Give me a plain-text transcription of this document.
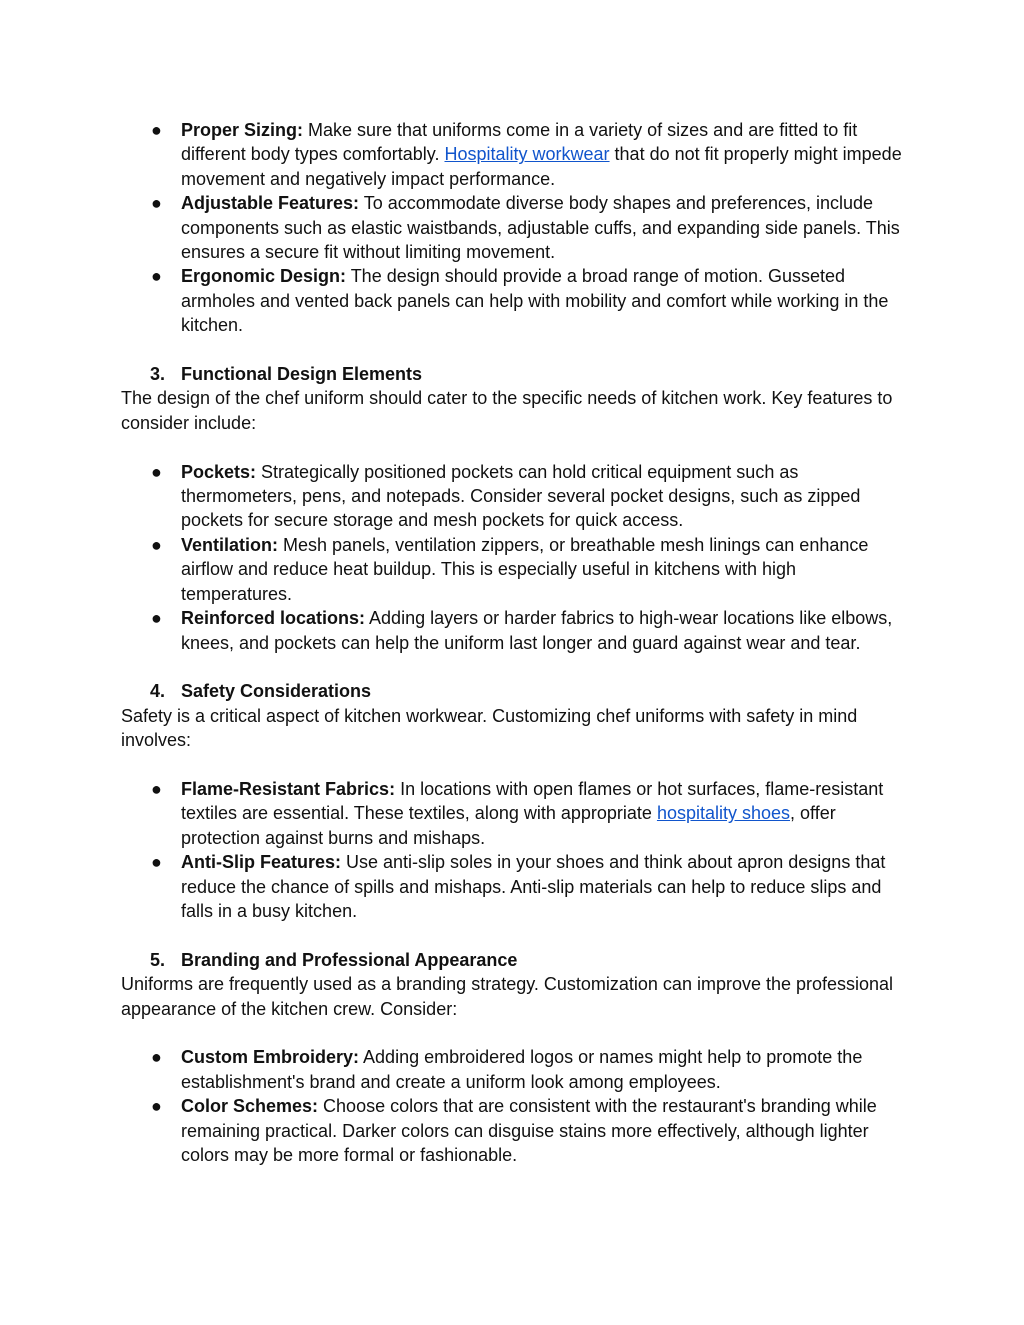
●	Proper Sizing: Make sure that uniforms come in a variety of sizes and are fitted to fit different body types comfortably. Hospitality workwear that do not fit properly might impede movement and negatively impact performance.
●	Adjustable Features: To accommodate diverse body shapes and preferences, include components such as elastic waistbands, adjustable cuffs, and expanding side panels. This ensures a secure fit without limiting movement.
●	Ergonomic Design: The design should provide a broad range of motion. Gusseted armholes and vented back panels can help with mobility and comfort while working in the kitchen.
3. Functional Design Elements

The design of the chef uniform should cater to the specific needs of kitchen work. Key features to consider include:

●	Pockets: Strategically positioned pockets can hold critical equipment such as thermometers, pens, and notepads. Consider several pocket designs, such as zipped pockets for secure storage and mesh pockets for quick access.
●	Ventilation: Mesh panels, ventilation zippers, or breathable mesh linings can enhance airflow and reduce heat buildup. This is especially useful in kitchens with high temperatures.
●	Reinforced locations: Adding layers or harder fabrics to high-wear locations like elbows, knees, and pockets can help the uniform last longer and guard against wear and tear.
4. Safety Considerations

Safety is a critical aspect of kitchen workwear. Customizing chef uniforms with safety in mind involves:

●	Flame-Resistant Fabrics: In locations with open flames or hot surfaces, flame-resistant textiles are essential. These textiles, along with appropriate hospitality shoes, offer protection against burns and mishaps.
●	Anti-Slip Features: Use anti-slip soles in your shoes and think about apron designs that reduce the chance of spills and mishaps. Anti-slip materials can help to reduce slips and falls in a busy kitchen.
5. Branding and Professional Appearance

Uniforms are frequently used as a branding strategy. Customization can improve the professional appearance of the kitchen crew. Consider:

●	Custom Embroidery: Adding embroidered logos or names might help to promote the establishment's brand and create a uniform look among employees.
●	Color Schemes: Choose colors that are consistent with the restaurant's branding while remaining practical. Darker colors can disguise stains more effectively, although lighter colors may be more formal or fashionable.
